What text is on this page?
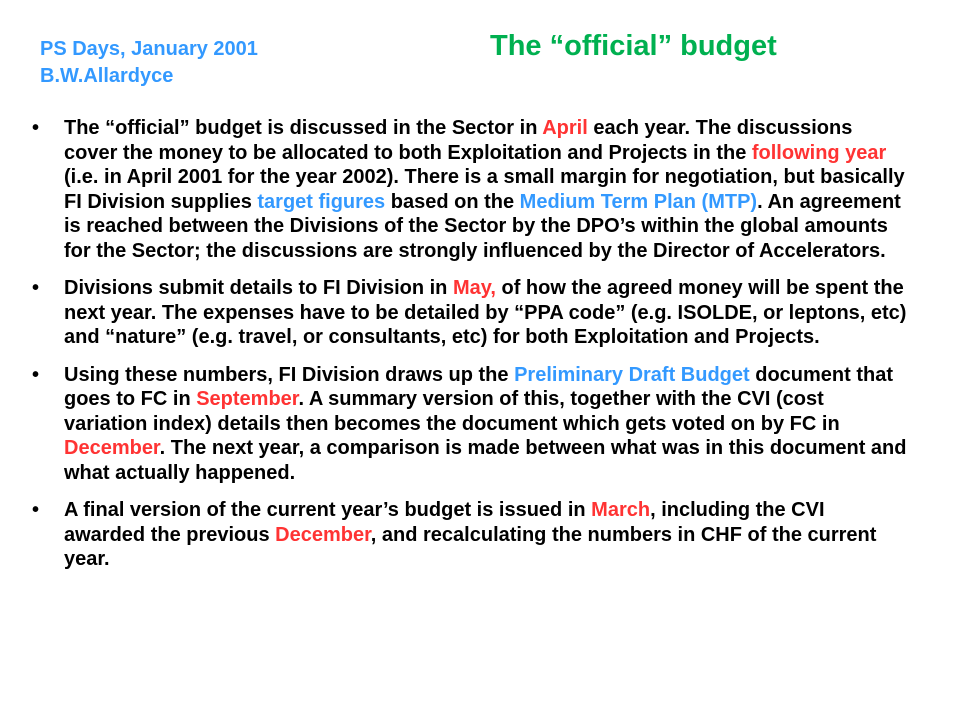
PS Days, January 2001
B.W.Allardyce
The “official” budget
• The “official” budget is discussed in the Sector in April each year. The discussions cover the money to be allocated to both Exploitation and Projects in the following year (i.e. in April 2001 for the year 2002). There is a small margin for negotiation, but basically FI Division supplies target figures based on the Medium Term Plan (MTP). An agreement is reached between the Divisions of the Sector by the DPO’s within the global amounts for the Sector; the discussions are strongly influenced by the Director of Accelerators.
• Divisions submit details to FI Division in May, of how the agreed money will be spent the next year. The expenses have to be detailed by “PPA code” (e.g. ISOLDE, or leptons, etc) and “nature” (e.g. travel, or consultants, etc) for both Exploitation and Projects.
• Using these numbers, FI Division draws up the Preliminary Draft Budget document that goes to FC in September. A summary version of this, together with the CVI (cost variation index) details then becomes the document which gets voted on by FC in December. The next year, a comparison is made between what was in this document and what actually happened.
• A final version of the current year’s budget is issued in March, including the CVI awarded the previous December, and recalculating the numbers in CHF of the current year.
